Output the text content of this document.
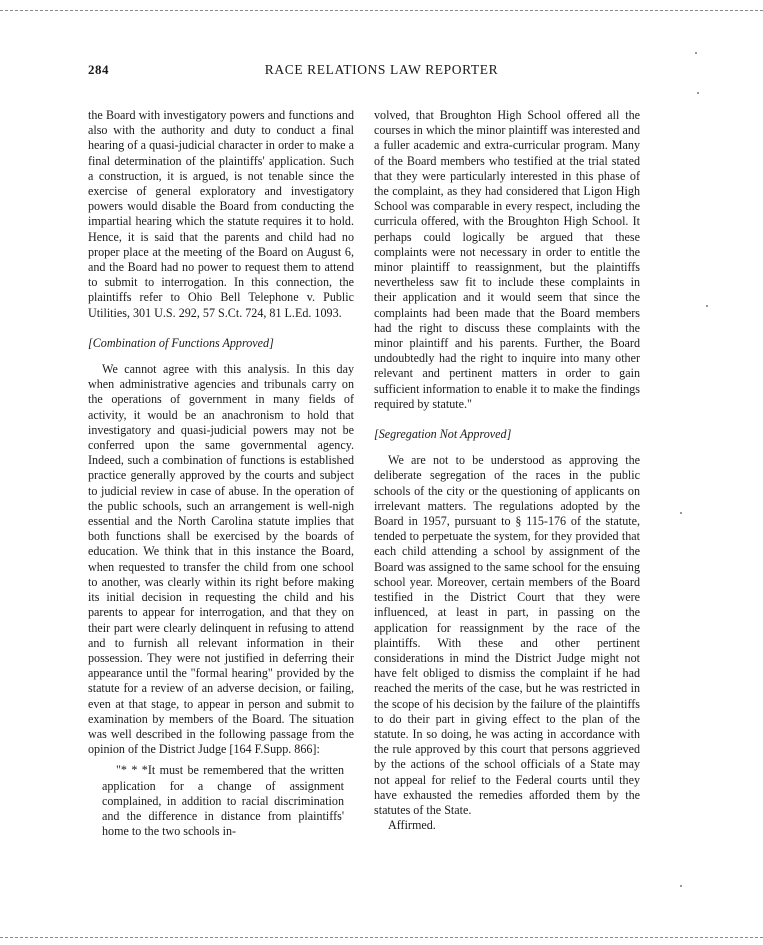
284	RACE RELATIONS LAW REPORTER

the Board with investigatory powers and functions and also with the authority and duty to conduct a final hearing of a quasi-judicial character in order to make a final determination of the plaintiffs' application. Such a construction, it is argued, is not tenable since the exercise of general exploratory and investigatory powers would disable the Board from conducting the impartial hearing which the statute requires it to hold. Hence, it is said that the parents and child had no proper place at the meeting of the Board on August 6, and the Board had no power to request them to attend to submit to interrogation. In this connection, the plaintiffs refer to Ohio Bell Telephone v. Public Utilities, 301 U.S. 292, 57 S.Ct. 724, 81 L.Ed. 1093.

[Combination of Functions Approved]

We cannot agree with this analysis. In this day when administrative agencies and tribunals carry on the operations of government in many fields of activity, it would be an anachronism to hold that investigatory and quasi-judicial powers may not be conferred upon the same governmental agency. Indeed, such a combination of functions is established practice generally approved by the courts and subject to judicial review in case of abuse. In the operation of the public schools, such an arrangement is well-nigh essential and the North Carolina statute implies that both functions shall be exercised by the boards of education. We think that in this instance the Board, when requested to transfer the child from one school to another, was clearly within its right before making its initial decision in requesting the child and his parents to appear for interrogation, and that they on their part were clearly delinquent in refusing to attend and to furnish all relevant information in their possession. They were not justified in deferring their appearance until the "formal hearing" provided by the statute for a review of an adverse decision, or failing, even at that stage, to appear in person and submit to examination by members of the Board. The situation was well described in the following passage from the opinion of the District Judge [164 F.Supp. 866]:

"* * *It must be remembered that the written application for a change of assignment complained, in addition to racial discrimination and the difference in distance from plaintiffs' home to the two schools in-

volved, that Broughton High School offered all the courses in which the minor plaintiff was interested and a fuller academic and extra-curricular program. Many of the Board members who testified at the trial stated that they were particularly interested in this phase of the complaint, as they had considered that Ligon High School was comparable in every respect, including the curricula offered, with the Broughton High School. It perhaps could logically be argued that these complaints were not necessary in order to entitle the minor plaintiff to reassignment, but the plaintiffs nevertheless saw fit to include these complaints in their application and it would seem that since the complaints had been made that the Board members had the right to discuss these complaints with the minor plaintiff and his parents. Further, the Board undoubtedly had the right to inquire into many other relevant and pertinent matters in order to gain sufficient information to enable it to make the findings required by statute."

[Segregation Not Approved]

We are not to be understood as approving the deliberate segregation of the races in the public schools of the city or the questioning of applicants on irrelevant matters. The regulations adopted by the Board in 1957, pursuant to § 115-176 of the statute, tended to perpetuate the system, for they provided that each child attending a school by assignment of the Board was assigned to the same school for the ensuing school year. Moreover, certain members of the Board testified in the District Court that they were influenced, at least in part, in passing on the application for reassignment by the race of the plaintiffs. With these and other pertinent considerations in mind the District Judge might not have felt obliged to dismiss the complaint if he had reached the merits of the case, but he was restricted in the scope of his decision by the failure of the plaintiffs to do their part in giving effect to the plan of the statute. In so doing, he was acting in accordance with the rule approved by this court that persons aggrieved by the actions of the school officials of a State may not appeal for relief to the Federal courts until they have exhausted the remedies afforded them by the statutes of the State.

Affirmed.
